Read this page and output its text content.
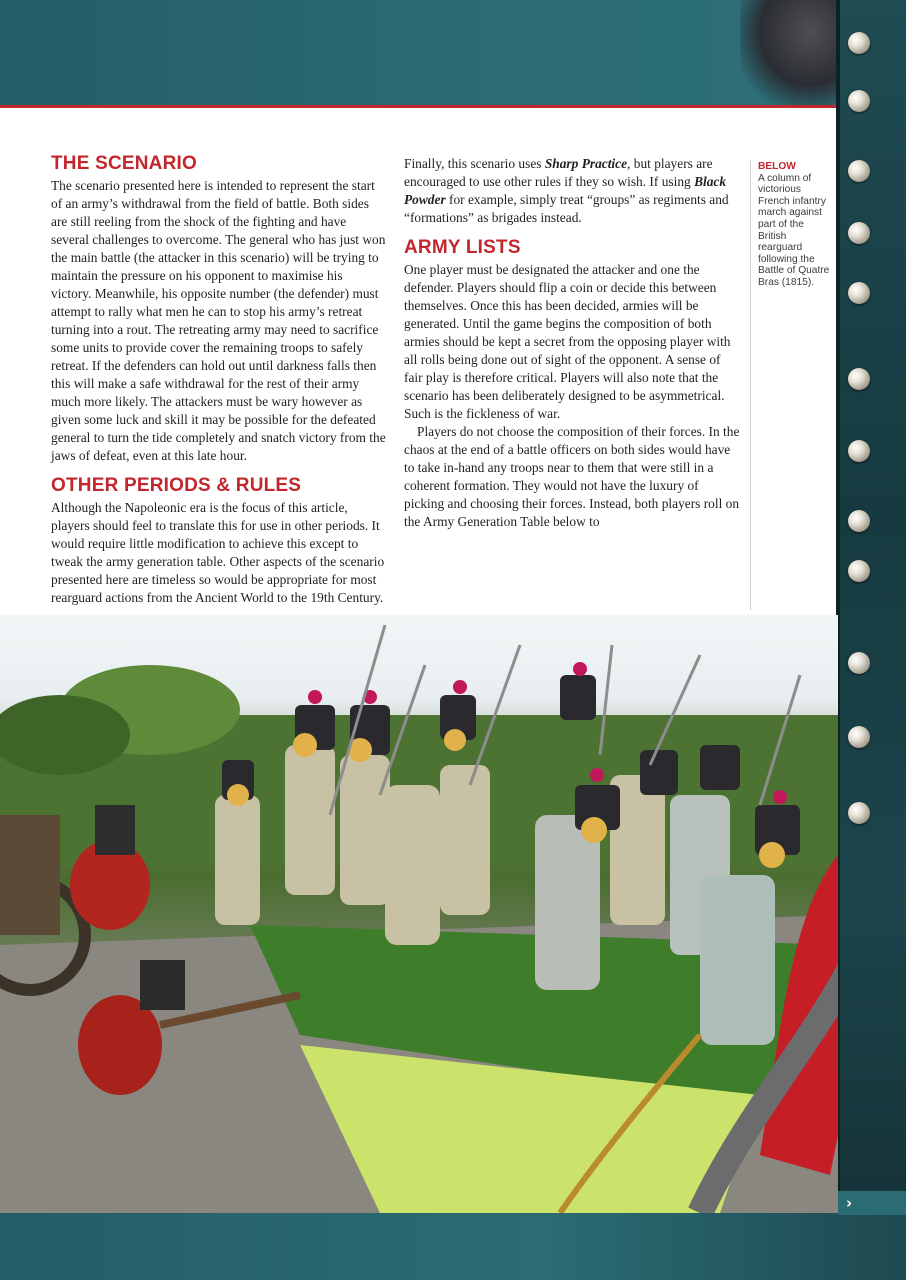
THE SCENARIO

The scenario presented here is intended to represent the start of an army’s withdrawal from the field of battle. Both sides are still reeling from the shock of the fighting and have several challenges to overcome. The general who has just won the main battle (the attacker in this scenario) will be trying to maintain the pressure on his opponent to maximise his victory. Meanwhile, his opposite number (the defender) must attempt to rally what men he can to stop his army’s retreat turning into a rout. The retreating army may need to sacrifice some units to provide cover the remaining troops to safely retreat. If the defenders can hold out until darkness falls then this will make a safe withdrawal for the rest of their army much more likely. The attackers must be wary however as given some luck and skill it may be possible for the defeated general to turn the tide completely and snatch victory from the jaws of defeat, even at this late hour.

OTHER PERIODS & RULES

Although the Napoleonic era is the focus of this article, players should feel to translate this for use in other periods. It would require little modification to achieve this except to tweak the army generation table. Other aspects of the scenario presented here are timeless so would be appropriate for most rearguard actions from the Ancient World to the 19th Century.

BELOW
A column of victorious French infantry march against part of the British rearguard following the Battle of Quatre Bras (1815).
›

Finally, this scenario uses Sharp Practice, but players are encouraged to use other rules if they so wish. If using Black Powder for example, simply treat “groups” as regiments and “formations” as brigades instead.

ARMY LISTS

One player must be designated the attacker and one the defender. Players should flip a coin or decide this between themselves. Once this has been decided, armies will be generated. Until the game begins the composition of both armies should be kept a secret from the opposing player with all rolls being done out of sight of the opponent. A sense of fair play is therefore critical. Players will also note that the scenario has been deliberately designed to be asymmetrical. Such is the fickleness of war.

Players do not choose the composition of their forces. In the chaos at the end of a battle officers on both sides would have to take in-hand any troops near to them that were still in a coherent formation. They would not have the luxury of picking and choosing their forces. Instead, both players roll on the Army Generation Table below to
